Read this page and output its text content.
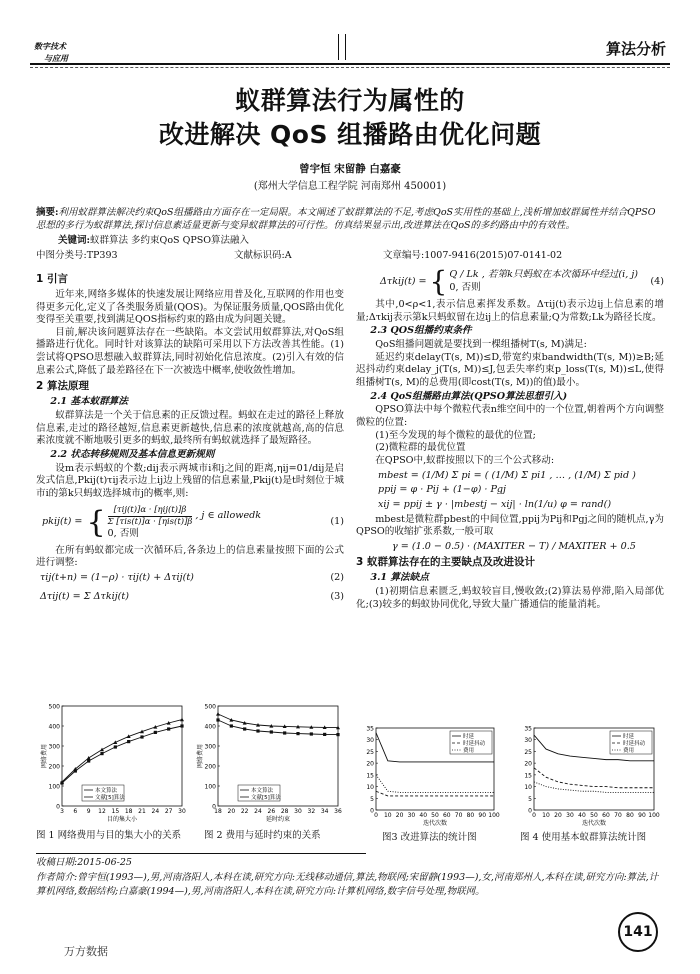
数字技术
与应用	算法分析
蚁群算法行为属性的
改进解决 QoS 组播路由优化问题
曾宇恒 宋留静 白嘉豪
(郑州大学信息工程学院 河南郑州 450001)
摘要:利用蚁群算法解决约束QoS组播路由方面存在一定局限。本文阐述了蚁群算法的不足,考虑QoS实用性的基础上,浅析增加蚁群属性并结合QPSO思想的多行为蚁群算法,探讨信息素适量更新与变异蚁群算法的可行性。仿真结果显示出,改进算法在QoS的多约路由中的有效性。
关键词:蚁群算法 多约束QoS QPSO算法融入
中图分类号:TP393	文献标识码:A	文章编号:1007-9416(2015)07-0141-02
1 引言

近年来,网络多媒体的快速发展让网络应用普及化,互联网的作用也变得更多元化,定义了各类服务质量(QOS)。为保证服务质量,QOS路由优化变得至关重要,找到满足QOS指标约束的路由成为问题关键。

目前,解决该问题算法存在一些缺陷。本文尝试用蚁群算法,对QoS组播路进行优化。同时针对该算法的缺陷可采用以下方法改善其性能。(1)尝试将QPSO思想融入蚁群算法,同时初始化信息浓度。(2)引入有效的信息素公式,降低了最差路径在下一次被选中概率,使收敛性增加。

2 算法原理
2.1 基本蚁群算法

蚁群算法是一个关于信息素的正反馈过程。蚂蚁在走过的路径上释放信息素,走过的路径越短,信息素更新越快,信息素的浓度就越高,高的信息素浓度就不断地吸引更多的蚂蚁,最终所有蚂蚁就选择了最短路径。

2.2 状态转移规则及基本信息更新规则

设m表示蚂蚁的个数;dij表示两城市i和j之间的距离,ηij=01/dij是启发式信息,Pkij(t)τij表示边上ij边上残留的信息素量,Pkij(t)是t时刻位于城市i的第k只蚂蚁选择城市j的概率,则:

pkij(t) = { [τij(t)]α · [ηij(t)]β
Σ [τis(t)]α · [ηis(t)]β
, j ∈ allowedk
0, 否则
(1)

在所有蚂蚁都完成一次循环后,各条边上的信息素量按照下面的公式进行调整:

τij(t+n) = (1−ρ) · τij(t) + Δτij(t)	(2)
Δτij(t) = Σ Δτkij(t)	(3)
Δτkij(t) = { Q / Lk , 若第k只蚂蚁在本次循环中经过(i, j)
0, 否则
(4)

其中,0<ρ<1,表示信息素挥发系数。Δτij(t)表示边ij上信息素的增量;Δτkij表示第k只蚂蚁留在边ij上的信息素量;Q为常数;Lk为路径长度。

2.3 QOS组播约束条件

QoS组播问题就是要找到一棵组播树T(s, M)满足:

延迟约束delay(T(s, M))≤D,带宽约束bandwidth(T(s, M))≥B;延迟抖动约束delay_j(T(s, M))≤J,包丢失率约束p_loss(T(s, M))≤L,使得组播树T(s, M)的总费用(即cost(T(s, M))的值)最小。

2.4 QoS组播路由算法(QPSO算法思想引入)

QPSO算法中每个微粒代表n维空间中的一个位置,朝着两个方向调整微粒的位置:

(1)至今发现的每个微粒的最优的位置;

(2)微粒群的最优位置

在QPSO中,蚁群按照以下的三个公式移动:

mbest = (1/M) Σ pi = ( (1/M) Σ pi1 , … , (1/M) Σ pid )
ppij = φ · Pij + (1−φ) · Pgj
xij = ppij ± γ · |mbestj − xij| · ln(1/u) φ = rand()

mbest是微粒群pbest的中间位置,ppij为Pij和Pgj之间的随机点,γ为QPSO的收缩扩张系数,一般可取

γ = (1.0 − 0.5) · (MAXITER − T) / MAXITER + 0.5
3 蚁群算法存在的主要缺点及改进设计
3.1 算法缺点

(1)初期信息素匮乏,蚂蚁较盲目,慢收敛;(2)算法易停滞,陷入局部优化;(3)较多的蚂蚁协同优化,导致大量广播通信的能量消耗。

0
100
200
300
400
500
3 6 9 12 15 18 21 24 27 30
目的集大小
网络费用
本文算法
文献[5]算法
0
100
200
300
400
500
18 20 22 24 26 28 30 32 34 36
延时约束
网络费用
本文算法
文献[5]算法
0
5
10
15
20
25
30
35
0 10 20 30 40 50 60 70 80 90 100
迭代次数
时延
时延抖动
费用
0
5
10
15
20
25
30
35
0 10 20 30 40 50 60 70 80 90 100
迭代次数
时延
时延抖动
费用
图 1 网络费用与目的集大小的关系 图 2 费用与延时约束的关系	图3 改进算法的统计图	图 4 使用基本蚁群算法统计图
收稿日期:2015-06-25
作者简介:曾宇恒(1993—),男,河南洛阳人,本科在读,研究方向:无线移动通信,算法,物联网;宋留静(1993—),女,河南郑州人,本科在读,研究方向:算法,计算机网络,数据结构;白嘉豪(1994—),男,河南洛阳人,本科在读,研究方向:计算机网络,数字信号处理,物联网。
141
万方数据
